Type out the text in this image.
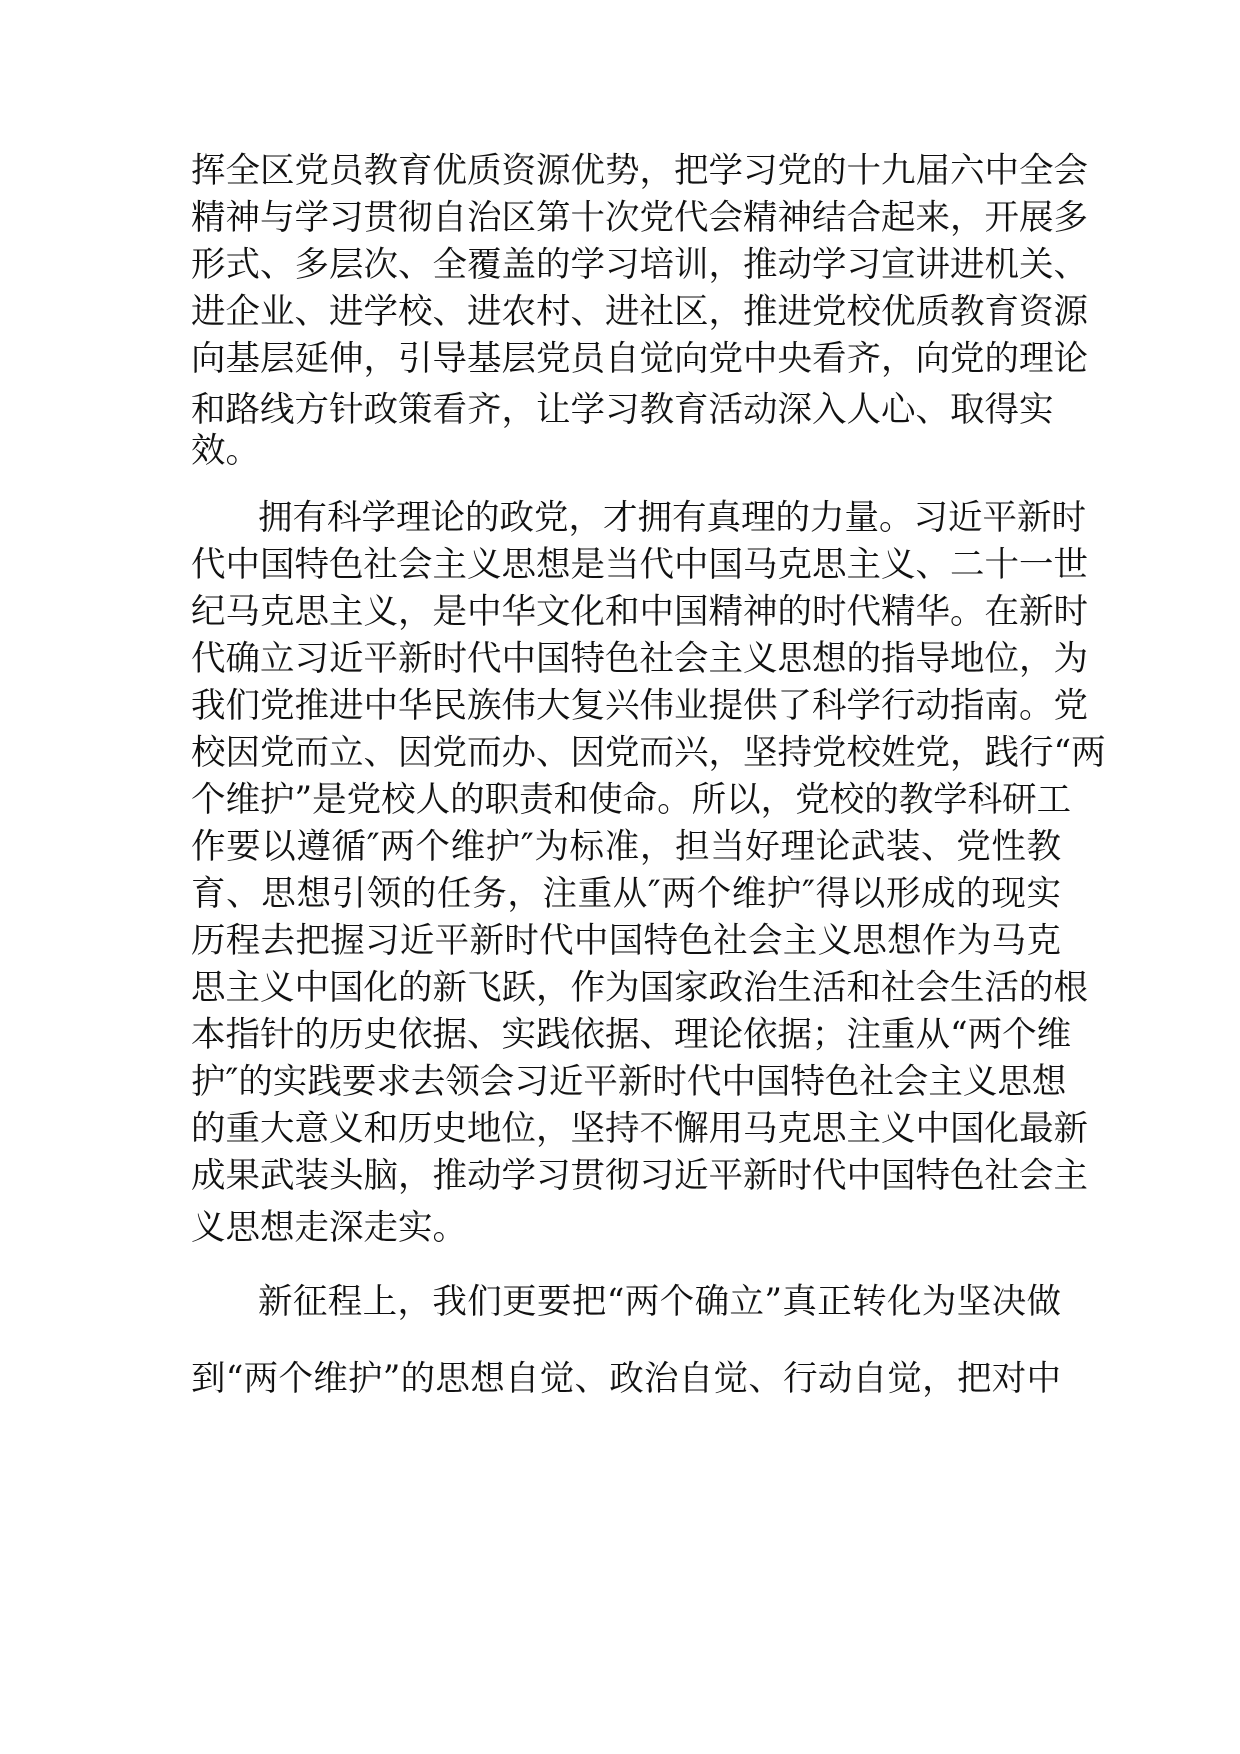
挥全区党员教育优质资源优势，把学习党的十九届六中全会
精神与学习贯彻自治区第十次党代会精神结合起来，开展多
形式、多层次、全覆盖的学习培训，推动学习宣讲进机关、
进企业、进学校、进农村、进社区，推进党校优质教育资源
向基层延伸，引导基层党员自觉向党中央看齐，向党的理论
和路线方针政策看齐，让学习教育活动深入人心、取得实
效。
拥有科学理论的政党，才拥有真理的力量。习近平新时
代中国特色社会主义思想是当代中国马克思主义、二十一世
纪马克思主义，是中华文化和中国精神的时代精华。在新时
代确立习近平新时代中国特色社会主义思想的指导地位，为
我们党推进中华民族伟大复兴伟业提供了科学行动指南。党
校因党而立、因党而办、因党而兴，坚持党校姓党，践行“两
个维护”是党校人的职责和使命。所以，党校的教学科研工
作要以遵循″两个维护″为标准，担当好理论武装、党性教
育、思想引领的任务，注重从″两个维护″得以形成的现实
历程去把握习近平新时代中国特色社会主义思想作为马克
思主义中国化的新飞跃，作为国家政治生活和社会生活的根
本指针的历史依据、实践依据、理论依据；注重从“两个维
护″的实践要求去领会习近平新时代中国特色社会主义思想
的重大意义和历史地位，坚持不懈用马克思主义中国化最新
成果武装头脑，推动学习贯彻习近平新时代中国特色社会主
义思想走深走实。
新征程上，我们更要把“两个确立”真正转化为坚决做
到“两个维护”的思想自觉、政治自觉、行动自觉，把对中
